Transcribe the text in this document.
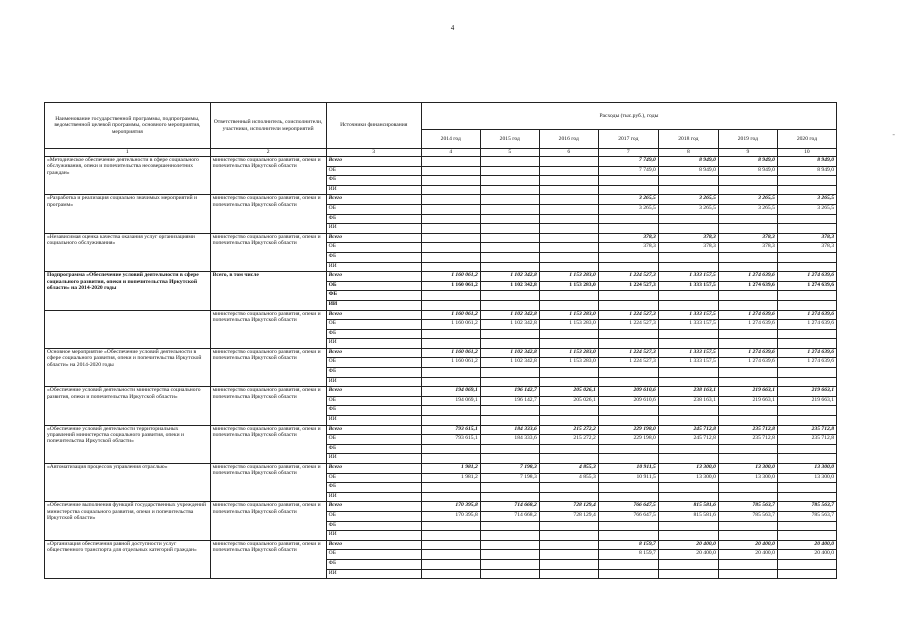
4
-
Наименование государственной программы, подпрограммы, ведомственной целевой программы, основного мероприятия, мероприятия	Ответственный исполнитель, соисполнители, участники, исполнители мероприятий	Источники финансирования	Расходы (тыс.руб.), годы						
			2014 год	2015 год	2016 год	2017 год	2018 год	2019 год	2020 год
1	2	3	4	5	6	7	8	9	10
«Методическое обеспечение деятельности в сфере социального обслуживания, опеки и попечительства несовершеннолетних граждан»	министерство социального развития, опеки и попечительства Иркутской области	Всего				7 749,0	8 949,0	8 949,0	8 949,0
		ОБ				7 749,0	8 949,0	8 949,0	8 949,0
		ФБ							
		ИИ							
«Разработка и реализация социально значимых мероприятий и программ»	министерство социального развития, опеки и попечительства Иркутской области	Всего				3 265,5	3 265,5	3 265,5	3 265,5
		ОБ				3 265,5	3 265,5	3 265,5	3 265,5
		ФБ							
		ИИ							
«Независимая оценка качества оказания услуг организациями социального обслуживания»	министерство социального развития, опеки и попечительства Иркутской области	Всего				378,3	378,3	378,3	378,3
		ОБ				378,3	378,3	378,3	378,3
		ФБ							
		ИИ							
Подпрограмма «Обеспечение условий деятельности в сфере социального развития, опеки и попечительства Иркутской области» на 2014-2020 годы	Всего, в том числе	Всего	1 160 061,2	1 102 342,8	1 153 283,0	1 224 527,3	1 333 157,5	1 274 639,6	1 274 639,6
		ОБ	1 160 061,2	1 102 342,8	1 153 283,0	1 224 527,3	1 333 157,5	1 274 639,6	1 274 639,6
		ФБ							
		ИИ							
	министерство социального развития, опеки и попечительства Иркутской области	Всего	1 160 061,2	1 102 342,8	1 153 283,0	1 224 527,3	1 333 157,5	1 274 639,6	1 274 639,6
		ОБ	1 160 061,2	1 102 342,8	1 153 283,0	1 224 527,3	1 333 157,5	1 274 639,6	1 274 639,6
		ФБ							
		ИИ							
Основное мероприятие «Обеспечение условий деятельности в сфере социального развития, опеки и попечительства Иркутской области» на 2014-2020 годы	министерство социального развития, опеки и попечительства Иркутской области	Всего	1 160 061,2	1 102 342,8	1 153 283,0	1 224 527,3	1 333 157,5	1 274 639,6	1 274 639,6
		ОБ	1 160 061,2	1 102 342,8	1 153 283,0	1 224 527,3	1 333 157,5	1 274 639,6	1 274 639,6
		ФБ							
		ИИ							
«Обеспечение условий деятельности министерства социального развития, опеки и попечительства Иркутской области»	министерство социального развития, опеки и попечительства Иркутской области	Всего	194 069,1	196 142,7	205 026,1	209 610,6	238 163,1	219 663,1	219 663,1
		ОБ	194 069,1	196 142,7	205 026,1	209 610,6	238 163,1	219 663,1	219 663,1
		ФБ							
		ИИ							
«Обеспечение условий деятельности территориальных управлений министерства социального развития, опеки и попечительства Иркутской области»	министерство социального развития, опеки и попечительства Иркутской области	Всего	793 615,1	184 333,6	215 272,2	229 198,0	245 712,8	235 712,8	235 712,8
		ОБ	793 615,1	184 333,6	215 272,2	229 198,0	245 712,8	235 712,8	235 712,8
		ФБ							
		ИИ							
«Автоматизация процессов управления отраслью»	министерство социального развития, опеки и попечительства Иркутской области	Всего	1 981,2	7 198,3	4 855,3	10 911,5	13 300,0	13 300,0	13 300,0
		ОБ	1 981,2	7 198,3	4 855,3	10 911,5	13 300,0	13 300,0	13 300,0
		ФБ							
		ИИ							
«Обеспечение выполнения функций государственных учреждений министерства социального развития, опеки и попечительства Иркутской области»	министерство социального развития, опеки и попечительства Иркутской области	Всего	170 395,8	714 668,2	728 129,4	766 647,5	815 581,6	785 563,7	785 563,7
		ОБ	170 395,8	714 668,2	728 129,4	766 647,5	815 581,6	785 563,7	785 563,7
		ФБ							
		ИИ							
«Организация обеспечения равной доступности услуг общественного транспорта для отдельных категорий граждан»	министерство социального развития, опеки и попечительства Иркутской области	Всего				8 159,7	20 400,0	20 400,0	20 400,0
		ОБ				8 159,7	20 400,0	20 400,0	20 400,0
		ФБ							
		ИИ							
